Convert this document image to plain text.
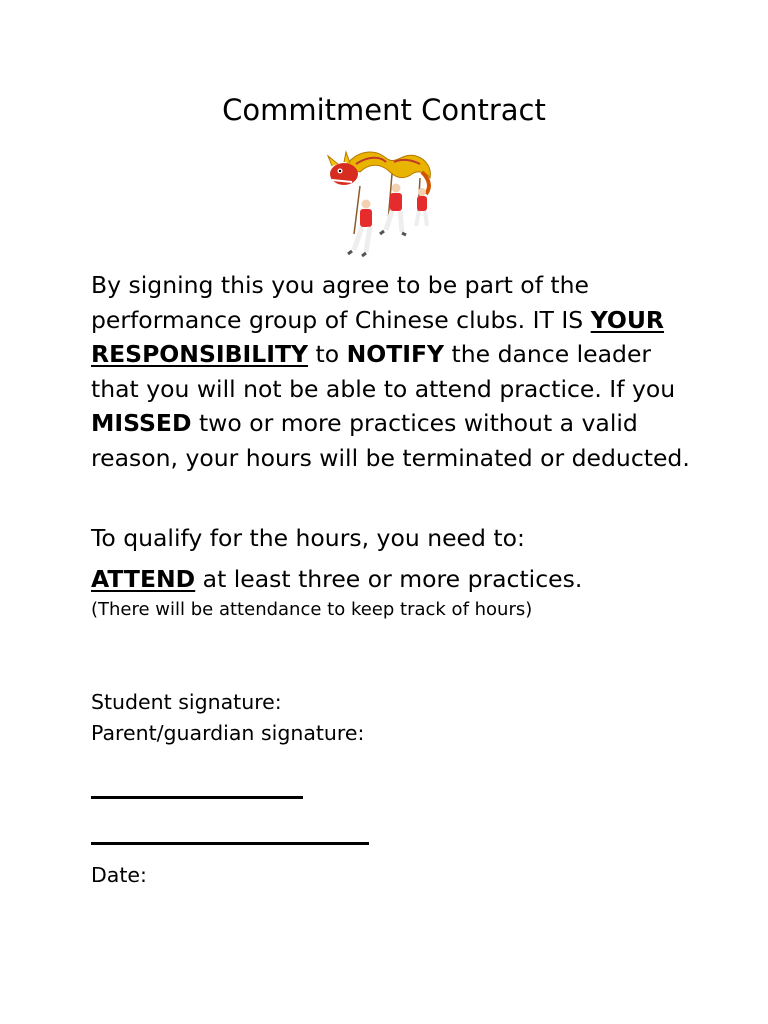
Commitment Contract
By signing this you agree to be part of the performance group of Chinese clubs. IT IS YOUR RESPONSIBILITY to NOTIFY the dance leader that you will not be able to attend practice. If you MISSED two or more practices without a valid reason, your hours will be terminated or deducted.
To qualify for the hours, you need to:
ATTEND at least three or more practices.
(There will be attendance to keep track of hours)
Student signature:
Parent/guardian signature:
Date:
